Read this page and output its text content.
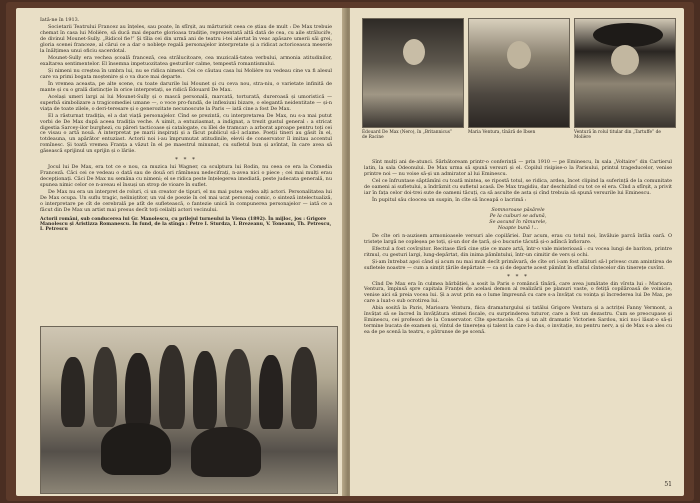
Iată-ne în 1913.

Societarii Teatrului Francez au înțeles, sau poate, în sfîrșit, au mărturisit ceea ce știau de mult : De Max trebuie chemat în casa lui Molière, să ducă mai departe glorioasa tradiție, reprezentată altă dată de cea, cu aile străluciře, de divinul Mounet-Sully. „Ridicol fie!” Și tîlia cei din urmă ani de teatru i-tei alertat în veac apăsare umerii săi grei, gloria scenei franceze, al cărui ce a dar o nobleţe regală personajelor interpretate și a ridicat actoriceasca meserie la înălțimea unui oficiu sacerdotal.

Mounet-Sully era vechea școală franceză, cea strălucitoare, cea muzicală-tatea verbului, armonia atitudinilor, exaltarea sentimentelor. El însemna impetuozitatea gesturilor calme, tempestă romantismului.

Și nimeni nu creștea în umbra lui, nu se ridica nimeni. Cei ce căutau casa lui Molière nu vedeau cine va fi alesul care va primi bogata moștenire și o va duce mai departe.

În vremea aceasta, pe alte scene, cu toate darurile lui Mounet și cu ceva nou, stra-niu, o varietate infinită de mante și cu o grală distincție în orice interpretați, se ridică Édouard De Max.

Același umeri largi ai lui Mounet-Sully și o mască personală, marcată, torturată, dureroasă și umoristică — superbă simbolizare a tragicomediei umane —, o voce pro-fundă, de inflexiuni bizare, o elegantă neidentitate — și-n viața de toate zilele, o deri-teresare și o generozitate necunoscute la Paris — iată cine a fost De Max.

El a răsturnat tradiția, el a dat viață personajelor. Cînd se prezintă, cu interpretarea De Max, nu s-a mai putut vorbi de De Max după aceea tradiția veche. A uimit, a entuziasmat, a indignat, a trezit gustul general : a stricat digestia Sarcey-ilor burghezi, cu păreri tacticoase și catalogate, cu lîlei de tramcar: a arborat aproape pentru toți cei ce visau o artă nouă. A interpretat pe marii inspirați și a făcut publicul să-l aclame. Poeții tineri au găsit în el, totdeauna, un apărător entuziast. Actorii noi i-au împrumutat atitudinile, elevii de conservator îl imitau accentul romînesc. Și toată vremea Franța a văzut în el pe maestrul minunat, cu sufletul bun și avîntat, în care avea să găsească sprijinul un sprijin și o lăriie.

* * *

Jocul lui De Max, era tot ce e nou, ca muzica lui Wagner, ca sculptura lui Rodin, nu ceea ce era la Comedia Franceză. Căci cei ce vedeau o dată sau de două ori rămîneau nedecifrați, n-avea nici o piece ; cei mai mulți erau decepționați. Căci De Max nu semăna cu nimeni; el se ridica peste înțelegerea imediată, peste judecata generală, nu spunea nimic celor ce n-aveau el însuși un strop de vioare în suflet.

De Max nu era un interpret de roluri, ci un creator de tipuri, el nu mai putea vedea alți actori. Personalitatea lui De Max ocupa. Un suflu tragic, neliniștitor, un val de poezie în cel mai ucat personaj comic, o sinteză intelectualiză, o interpretare pe cît de cerebrală pe atît de sufletească, o fantezie unică în compunerea personajelor — iată ce a făcut din De Max un artist mai presus decît toți ceilalți actori vecinului.

Actorii români, sub conducerea lui Gr. Manolescu, cu prilejul turneului la Viena (1892). În mijloc, jos : Grigore Manolescu și Aristizza Romanescu. În fund, de la stînga : Petre I. Sturdza, I. Brezeanu, V. Toneanu, Th. Petrescu, I. Petrescu
Édouard De Max (Nero), în „Britannicus” de Racine
Maria Ventura, tînără de Ibsen	Ventură în rolul titular din „Tartuffe” de Molière

Sînt mulți ani de-atunci. Sărbătoream printr-o conferință — prin 1910 — pe Eminescu, în sala „Voltaire” din Cartierul latin, la sala Odeonului. De Max urma să spună versuri și el. Copilul risipise-o la Parisului, printul trageducelor, venise printre noi — nu voise să-și un admirator al lui Eminescu.

Cel ce înfruntase săptămîni cu toată mintea, se ripostă totul, se ridica, ardea, încet clipind la suferință de la comunitate de oameni ai sufletului, a îndrăznit cu sufletul acasă. De Max tragidiu, dar deschizînd cu tot ce el era. Cînd a sfîrșit, a privit iar în fața celor doi-trei sute de oameni tăcuți, ca să asculte de asta și cînd trebuia să spună versurile lui Eminescu.

În pupitul său cloocea un suspin, în cîte să înceapă o lacrimă :

Somnoroase păsărele
Pe la cuiburi se adună,
Se ascund în rămurele,
Noapte bună !...

De cîte ori n-auzisem armonioasele versuri ale copilăriei. Dar acum, erau cu totul noi, învăluie parcă întîia oară. O tristețe largă ne copleșea pe toți, și-un dor de țară, și-o bucurie tăcută și-o adîncă înfiorare.

Efectul a fost covîrșitor. Recitase fără cine știe ce mare artă, într-o vale misterioasă : cu vocea lungi de bariton, printre ritmul, cu gesturi largi, lung-depărtat, din inima pămîntului, într-un cimitir de vers și ochi.

Și-am întrebat apoi când și acum nu mai mult decît primăvară, de cîte ori i-am fost alături să-l privesc cum amintirea de sufletele noastre — cum a simțit țările depărtate — ca și de departe acest pămînt în sfîntul cîntecelor din tinerețe cuvînt.

* * *

Cînd De Max era în culmea bărbăției, a sosit la Paris o româncă tînără, care avea jumătate din vîrsta lui : Marioara Ventura, împinsă spre capitala Franței de acelasi demon al realizării pe planuri vaste, o fetiță copilăroasă de voinicie, venise aici să preia vocea lui. Și a avut prin ea o lume împreună cu care s-a învățat cu voința și încrederea lui De Max, pe care a luat-o sub ocrotirea lui.

Abia sosită la Paris, Marioara Ventura, fiica dramaturgului și tatălui Grigore Ventura și a actriței Fanny Vermont, a învățat să se încred în învățătura stimei fiscale, cu surprinderea tuturor, care a fost un dezastru. Cum se preocupase și Eminescu, cei profesori de la Conservator. Cîte spectacole. Ca și un alt dramatic Victorien Sardou, nici nu-i lăsat-o să-și termine bucata de examen și, vîntul de tinerețea și talent la care l-a dus, o invitație, nu pentru nerv, a și de Max s-a ales cu ea de pe scenă la teatru, o pătrunse de pe scenă.

51
